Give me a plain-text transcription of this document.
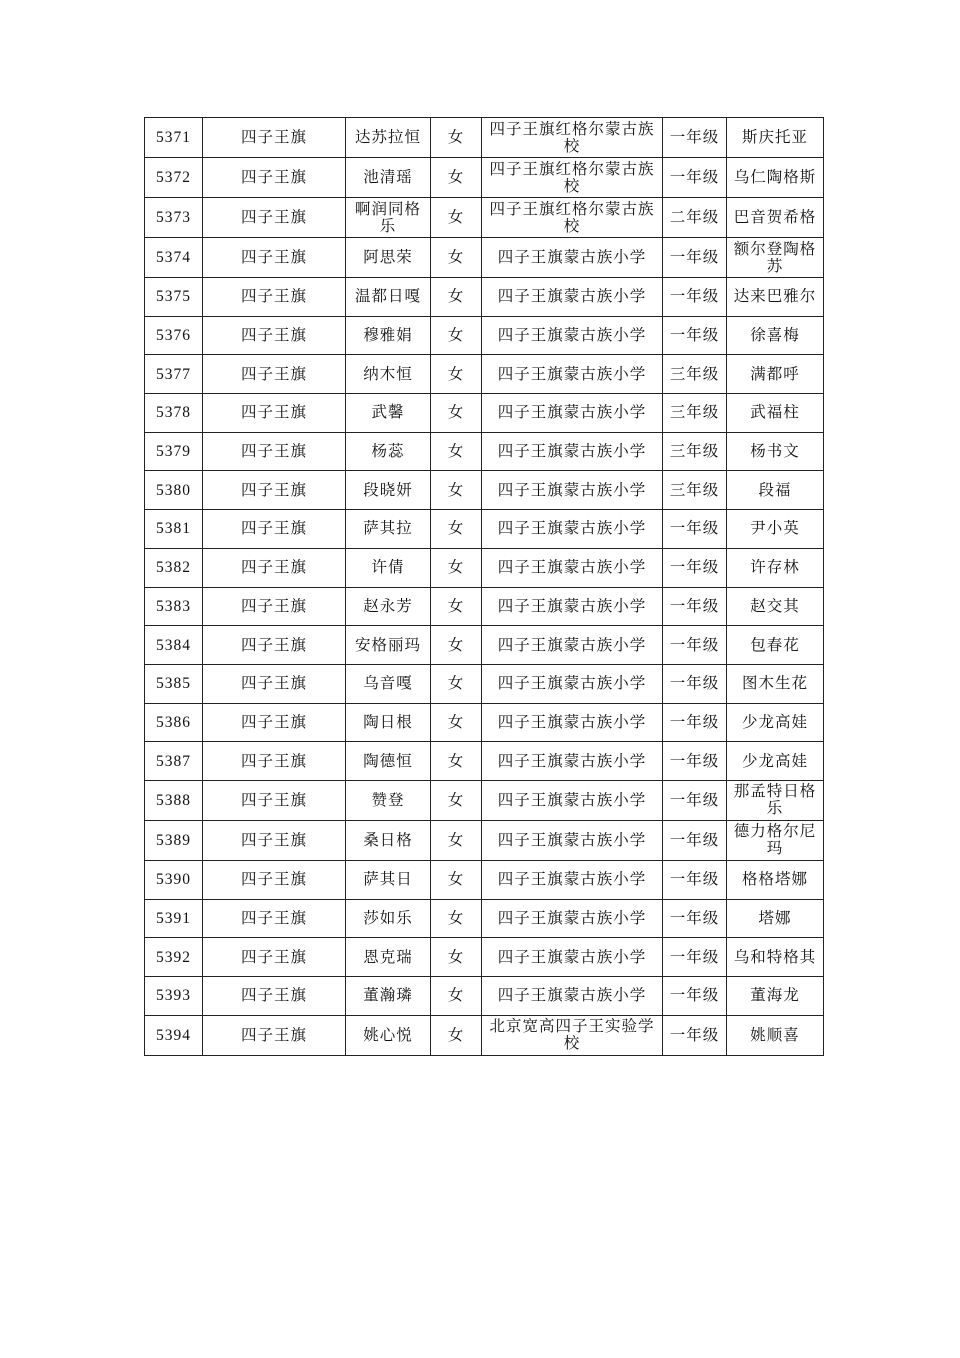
5371	四子王旗	达苏拉恒	女	四子王旗红格尔蒙古族校	一年级	斯庆托亚
5372	四子王旗	池清瑶	女	四子王旗红格尔蒙古族校	一年级	乌仁陶格斯
5373	四子王旗	啊润同格乐	女	四子王旗红格尔蒙古族校	二年级	巴音贺希格
5374	四子王旗	阿思荣	女	四子王旗蒙古族小学	一年级	额尔登陶格苏
5375	四子王旗	温都日嘎	女	四子王旗蒙古族小学	一年级	达来巴雅尔
5376	四子王旗	穆雅娟	女	四子王旗蒙古族小学	一年级	徐喜梅
5377	四子王旗	纳木恒	女	四子王旗蒙古族小学	三年级	满都呼
5378	四子王旗	武馨	女	四子王旗蒙古族小学	三年级	武福柱
5379	四子王旗	杨蕊	女	四子王旗蒙古族小学	三年级	杨书文
5380	四子王旗	段晓妍	女	四子王旗蒙古族小学	三年级	段福
5381	四子王旗	萨其拉	女	四子王旗蒙古族小学	一年级	尹小英
5382	四子王旗	许倩	女	四子王旗蒙古族小学	一年级	许存林
5383	四子王旗	赵永芳	女	四子王旗蒙古族小学	一年级	赵交其
5384	四子王旗	安格丽玛	女	四子王旗蒙古族小学	一年级	包春花
5385	四子王旗	乌音嘎	女	四子王旗蒙古族小学	一年级	图木生花
5386	四子王旗	陶日根	女	四子王旗蒙古族小学	一年级	少龙高娃
5387	四子王旗	陶德恒	女	四子王旗蒙古族小学	一年级	少龙高娃
5388	四子王旗	赞登	女	四子王旗蒙古族小学	一年级	那孟特日格乐
5389	四子王旗	桑日格	女	四子王旗蒙古族小学	一年级	德力格尔尼玛
5390	四子王旗	萨其日	女	四子王旗蒙古族小学	一年级	格格塔娜
5391	四子王旗	莎如乐	女	四子王旗蒙古族小学	一年级	塔娜
5392	四子王旗	恩克瑞	女	四子王旗蒙古族小学	一年级	乌和特格其
5393	四子王旗	董瀚璘	女	四子王旗蒙古族小学	一年级	董海龙
5394	四子王旗	姚心悦	女	北京宽高四子王实验学校	一年级	姚顺喜
